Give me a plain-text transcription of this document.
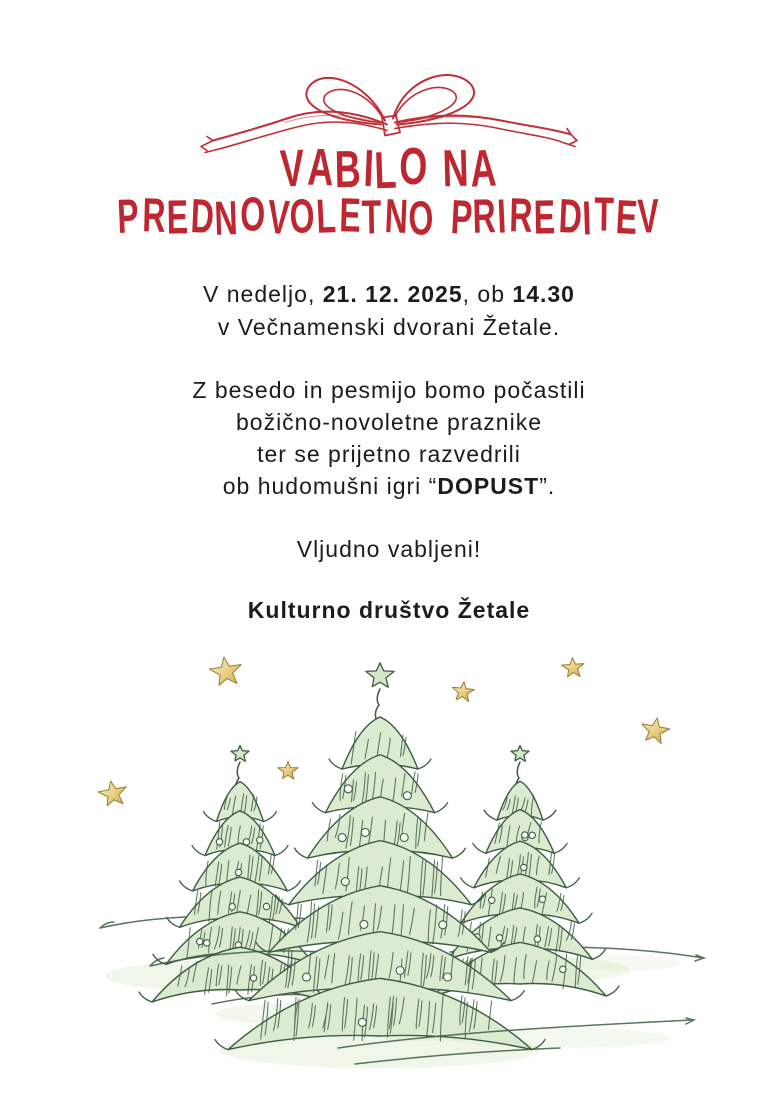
VABILO NA
PREDNOVOLETNO PRIREDITEV

V nedeljo, 21. 12. 2025, ob 14.30

v Večnamenski dvorani Žetale.

Z besedo in pesmijo bomo počastili

božično-novoletne praznike

ter se prijetno razvedrili

ob hudomušni igri “DOPUST”.

Vljudno vabljeni!

Kulturno društvo Žetale
